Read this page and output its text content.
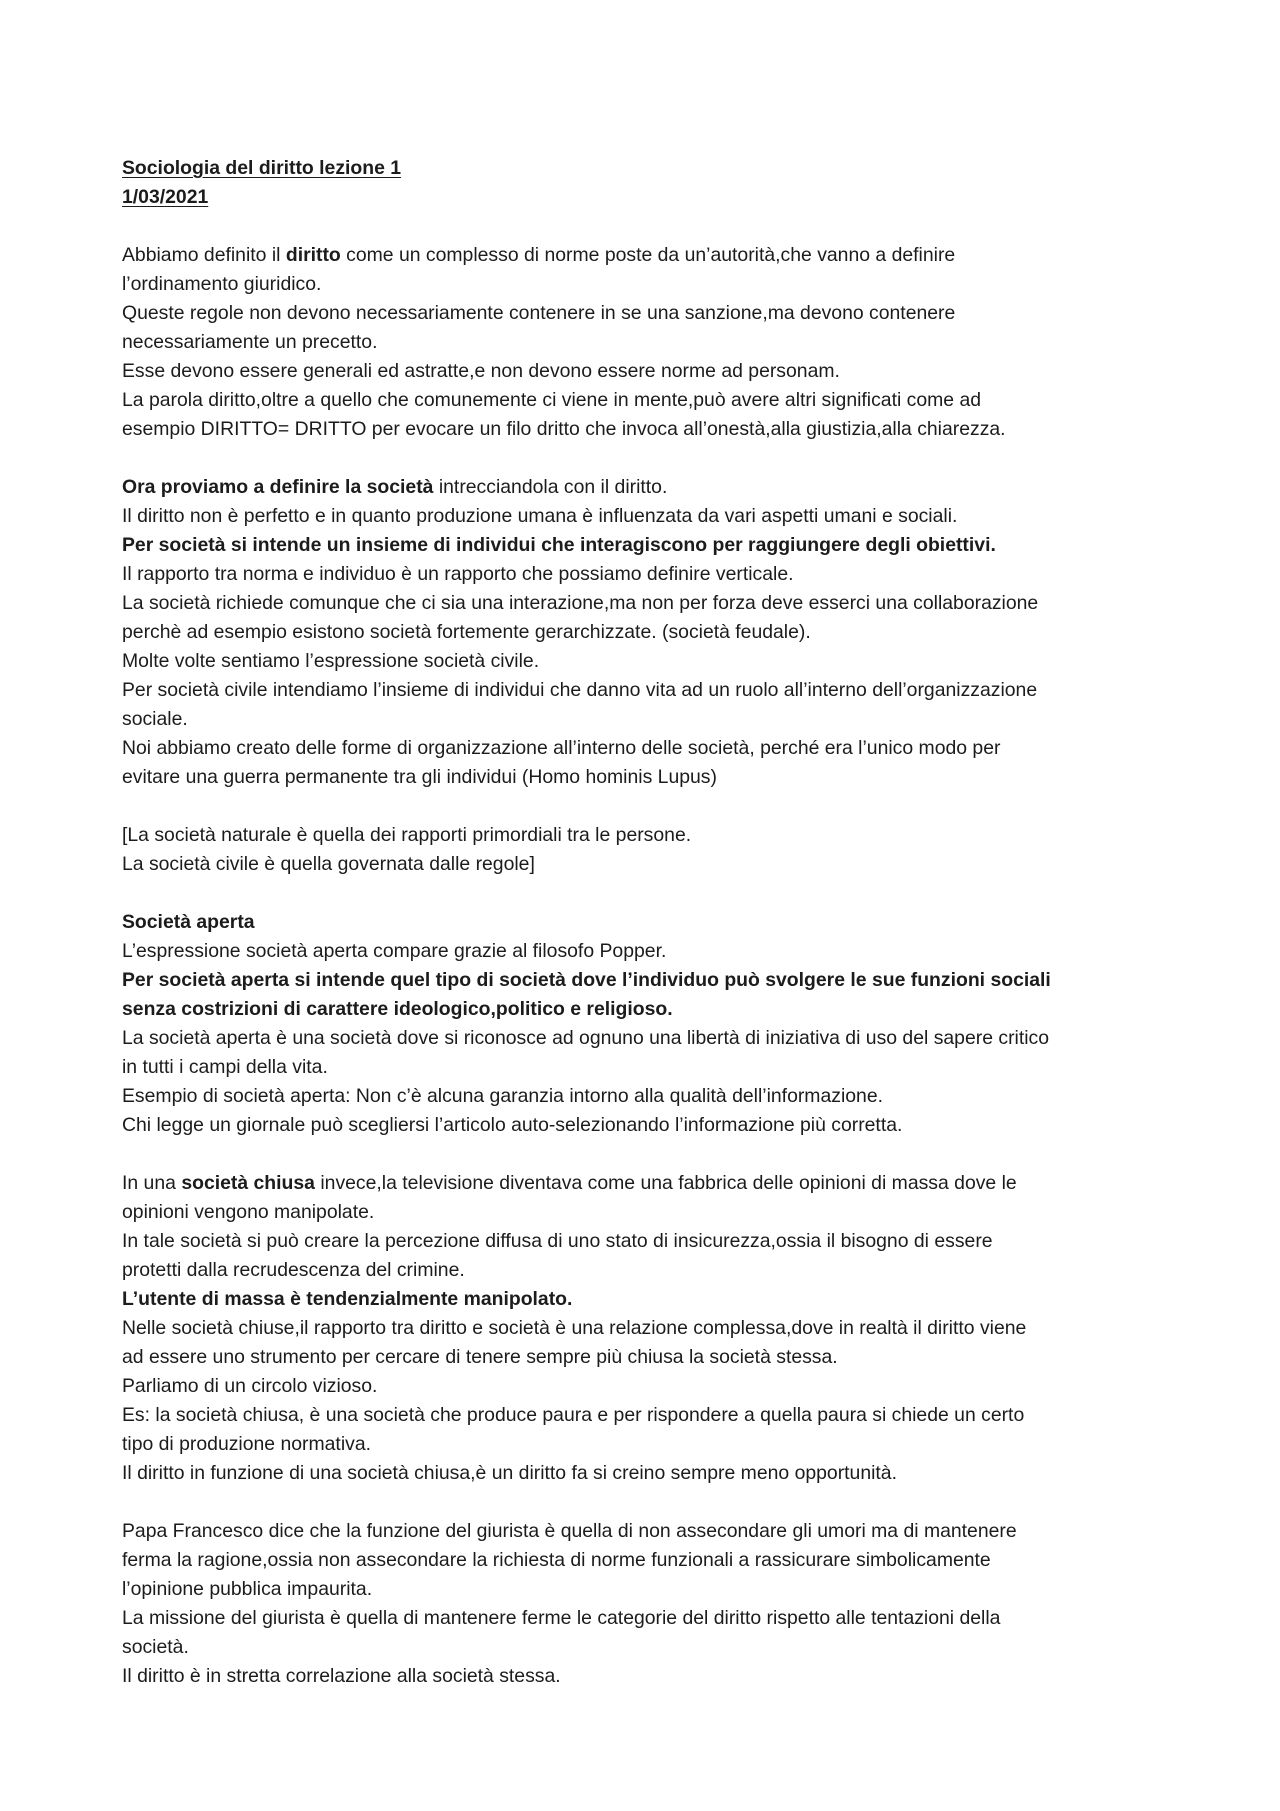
Sociologia del diritto lezione 1
1/03/2021
Abbiamo definito il diritto come un complesso di norme poste da un’autorità,che vanno a definire
l’ordinamento giuridico.
Queste regole non devono necessariamente contenere in se una sanzione,ma devono contenere
necessariamente un precetto.
Esse devono essere generali ed astratte,e non devono essere norme ad personam.
La parola diritto,oltre a quello che comunemente ci viene in mente,può avere altri significati come ad
esempio DIRITTO= DRITTO per evocare un filo dritto che invoca all’onestà,alla giustizia,alla chiarezza.
Ora proviamo a definire la società intrecciandola con il diritto.
Il diritto non è perfetto e in quanto produzione umana è influenzata da vari aspetti umani e sociali.
Per società si intende un insieme di individui che interagiscono per raggiungere degli obiettivi.
Il rapporto tra norma e individuo è un rapporto che possiamo definire verticale.
La società richiede comunque che ci sia una interazione,ma non per forza deve esserci una collaborazione
perchè ad esempio esistono società fortemente gerarchizzate. (società feudale).
Molte volte sentiamo l’espressione società civile.
Per società civile intendiamo l’insieme di individui che danno vita ad un ruolo all’interno dell’organizzazione
sociale.
Noi abbiamo creato delle forme di organizzazione all’interno delle società, perché era l’unico modo per
evitare una guerra permanente tra gli individui (Homo hominis Lupus)
[La società naturale è quella dei rapporti primordiali tra le persone.
La società civile è quella governata dalle regole]
Società aperta
L’espressione società aperta compare grazie al filosofo Popper.
Per società aperta si intende quel tipo di società dove l’individuo può svolgere le sue funzioni sociali
senza costrizioni di carattere ideologico,politico e religioso.
La società aperta è una società dove si riconosce ad ognuno una libertà di iniziativa di uso del sapere critico
in tutti i campi della vita.
Esempio di società aperta: Non c’è alcuna garanzia intorno alla qualità dell’informazione.
Chi legge un giornale può scegliersi l’articolo auto-selezionando l’informazione più corretta.
In una società chiusa invece,la televisione diventava come una fabbrica delle opinioni di massa dove le
opinioni vengono manipolate.
In tale società si può creare la percezione diffusa di uno stato di insicurezza,ossia il bisogno di essere
protetti dalla recrudescenza del crimine.
L’utente di massa è tendenzialmente manipolato.
Nelle società chiuse,il rapporto tra diritto e società è una relazione complessa,dove in realtà il diritto viene
ad essere uno strumento per cercare di tenere sempre più chiusa la società stessa.
Parliamo di un circolo vizioso.
Es: la società chiusa, è una società che produce paura e per rispondere a quella paura si chiede un certo
tipo di produzione normativa.
Il diritto in funzione di una società chiusa,è un diritto fa si creino sempre meno opportunità.
Papa Francesco dice che la funzione del giurista è quella di non assecondare gli umori ma di mantenere
ferma la ragione,ossia non assecondare la richiesta di norme funzionali a rassicurare simbolicamente
l’opinione pubblica impaurita.
La missione del giurista è quella di mantenere ferme le categorie del diritto rispetto alle tentazioni della
società.
Il diritto è in stretta correlazione alla società stessa.
